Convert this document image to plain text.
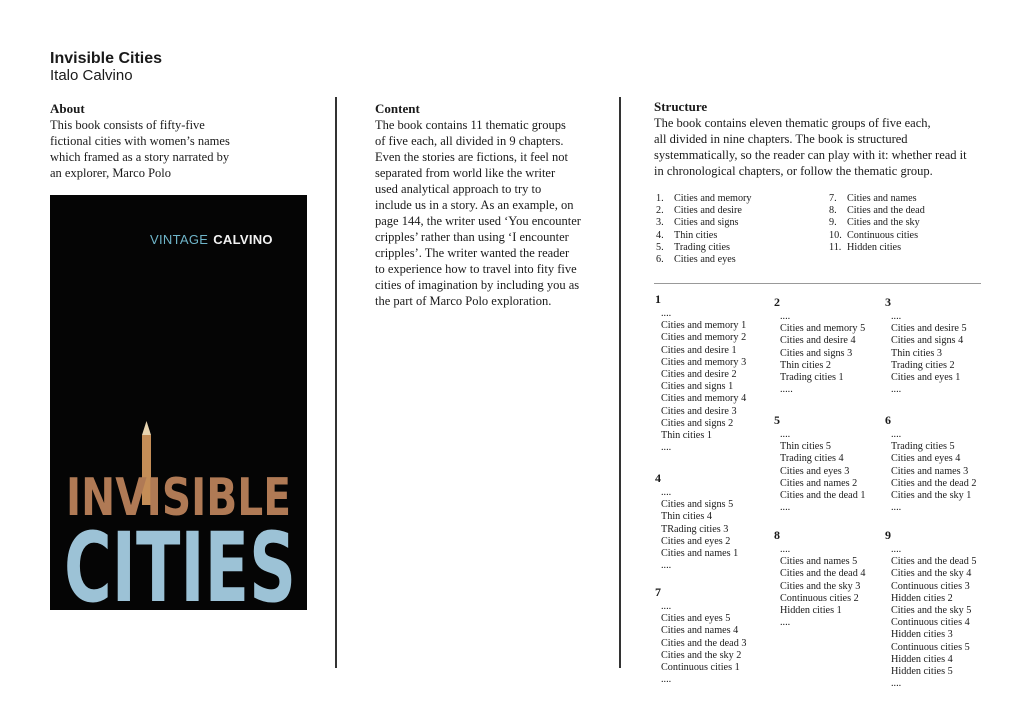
Invisible Cities
Italo Calvino
About
This book consists of fifty-five
fictional cities with women’s names
which framed as a story narrated by
an explorer, Marco Polo
VINTAGE CALVINO
INVISIBLE
CITIES
Content
The book contains 11 thematic groups
of five each, all divided in 9 chapters.
Even the stories are fictions, it feel not
separated from world like the writer
used analytical approach to try to
include us in a story. As an example, on
page 144, the writer used ‘You encounter
cripples’ rather than using ‘I encounter
cripples’. The writer wanted the reader
to experience how to travel into fity five
cities of imagination by including you as
the part of Marco Polo exploration.
Structure
The book contains eleven thematic groups of five each,
all divided in nine chapters. The book is structured
systemmatically, so the reader can play with it: whether read it
in chronological chapters, or follow the thematic group.
1. Cities and memory
2. Cities and desire
3. Cities and signs
4. Thin cities
5. Trading cities
6. Cities and eyes
7. Cities and names
8. Cities and the dead
9. Cities and the sky
10. Continuous cities
11. Hidden cities
1
....
Cities and memory 1
Cities and memory 2
Cities and desire 1
Cities and memory 3
Cities and desire 2
Cities and signs 1
Cities and memory 4
Cities and desire 3
Cities and signs 2
Thin cities 1
....
2
....
Cities and memory 5
Cities and desire 4
Cities and signs 3
Thin cities 2
Trading cities 1
.....
3
....
Cities and desire 5
Cities and signs 4
Thin cities 3
Trading cities 2
Cities and eyes 1
....
4
....
Cities and signs 5
Thin cities 4
TRading cities 3
Cities and eyes 2
Cities and names 1
....
5
....
Thin cities 5
Trading cities 4
Cities and eyes 3
Cities and names 2
Cities and the dead 1
....
6
....
Trading cities 5
Cities and eyes 4
Cities and names 3
Cities and the dead 2
Cities and the sky 1
....
7
....
Cities and eyes 5
Cities and names 4
Cities and the dead 3
Cities and the sky 2
Continuous cities 1
....
8
....
Cities and names 5
Cities and the dead 4
Cities and the sky 3
Continuous cities 2
Hidden cities 1
....
9
....
Cities and the dead 5
Cities and the sky 4
Continuous cities 3
Hidden cities 2
Cities and the sky 5
Continuous cities 4
Hidden cities 3
Continuous cities 5
Hidden cities 4
Hidden cities 5
....
